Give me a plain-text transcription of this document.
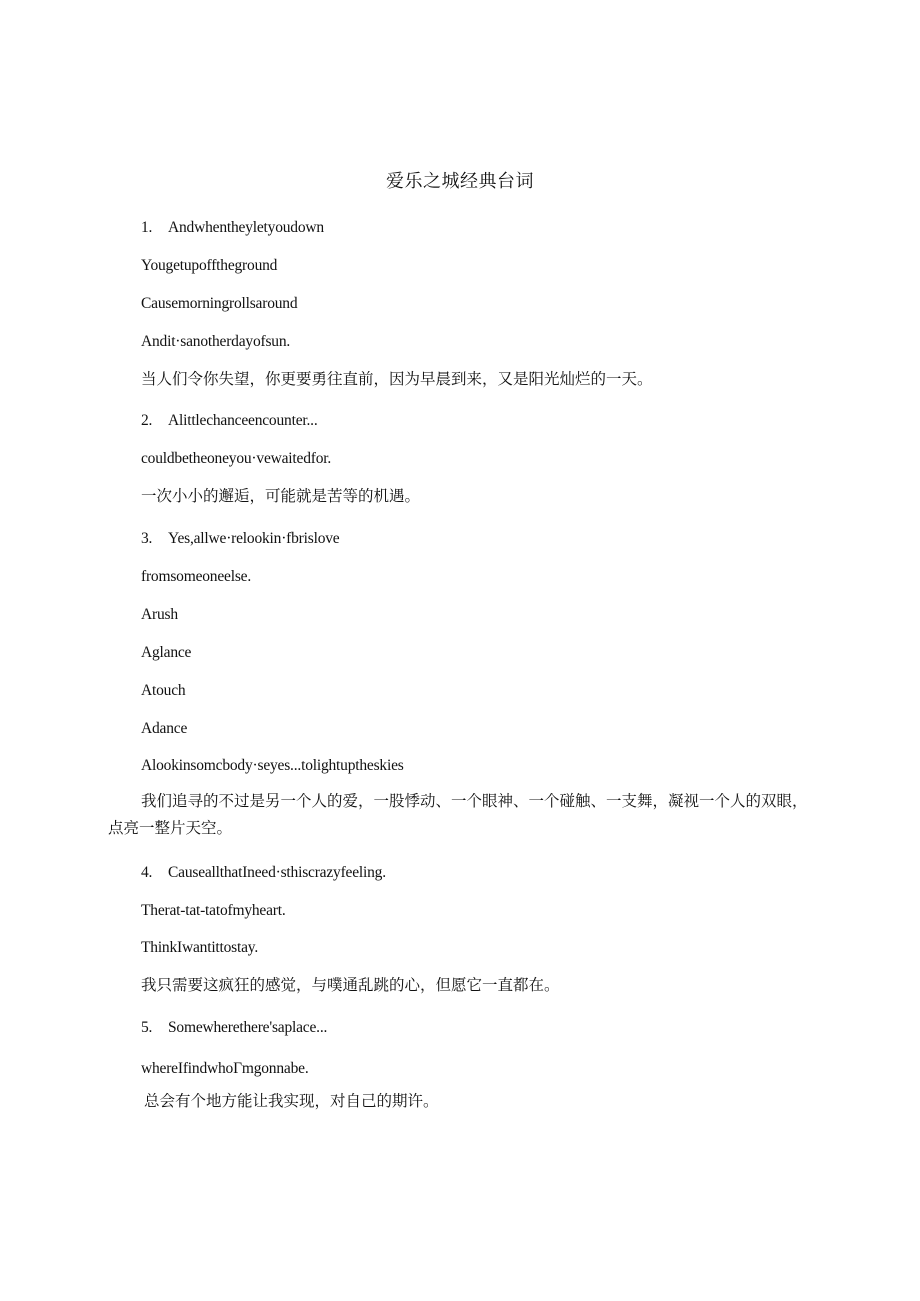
爱乐之城经典台词
1. Andwhentheyletyoudown
Yougetupofftheground
Causemorningrollsaround
Andit·sanotherdayofsun.
当人们令你失望，你更要勇往直前，因为早晨到来，又是阳光灿烂的一天。
2. Alittlechanceencounter...
couldbetheoneyou·vewaitedfor.
一次小小的邂逅，可能就是苦等的机遇。
3. Yes,allwe·relookin·fbrislove
fromsomeoneelse.
Arush
Aglance
Atouch
Adance
Alookinsomcbody·seyes...tolightuptheskies
我们追寻的不过是另一个人的爱，一股悸动、一个眼神、一个碰触、一支舞，凝视一个人的双眼，点亮一整片天空。
4. CauseallthatIneed·sthiscrazyfeeling.
Therat-tat-tatofmyheart.
ThinkIwantittostay.
我只需要这疯狂的感觉，与噗通乱跳的心，但愿它一直都在。
5. Somewherethere'saplace...
whereIfindwhoΓmgonnabe.
总会有个地方能让我实现，对自己的期许。
